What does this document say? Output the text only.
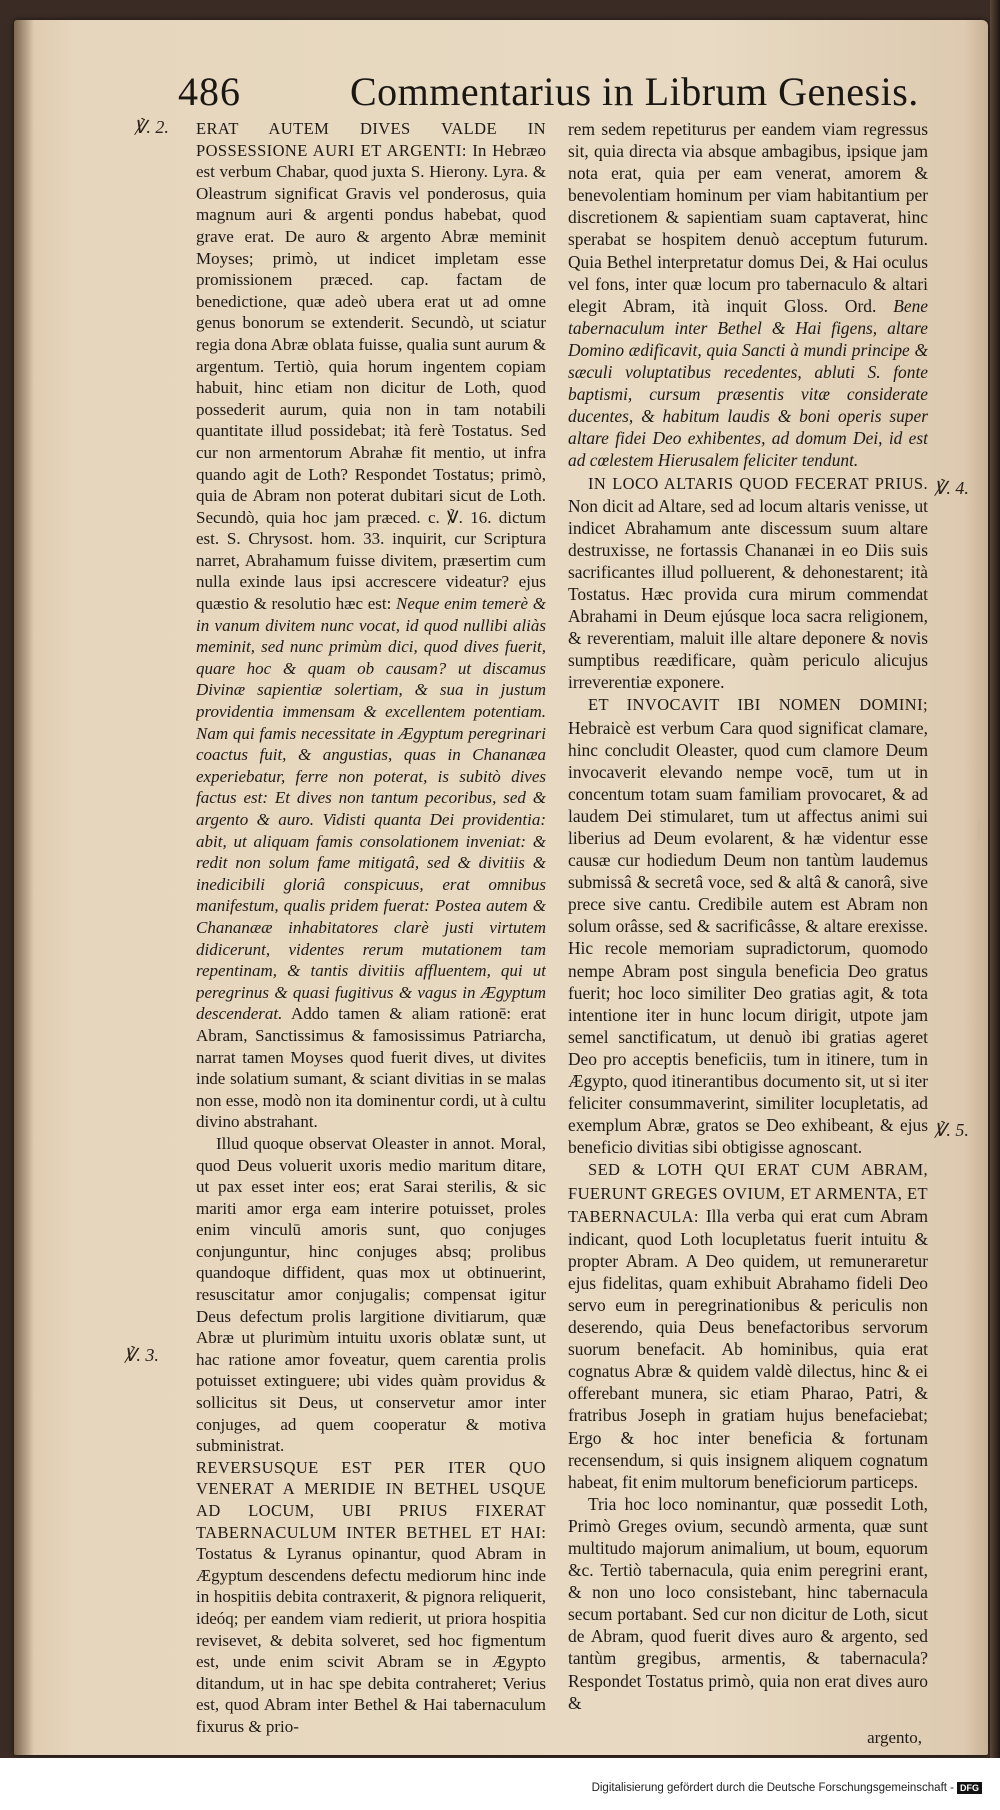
486	Commentarius in Librum Genesis.
℣. 2.
℣. 3.
℣. 4.
℣. 5.

ERAT AUTEM DIVES VALDE IN POSSESSIONE AURI ET ARGENTI: In Hebræo est verbum Chabar, quod juxta S. Hierony. Lyra. & Oleastrum significat Gravis vel ponderosus, quia magnum auri & argenti pondus habebat, quod grave erat. De auro & argento Abræ meminit Moyses; primò, ut indicet impletam esse promissionem præced. cap. factam de benedictione, quæ adeò ubera erat ut ad omne genus bonorum se extenderit. Secundò, ut sciatur regia dona Abræ oblata fuisse, qualia sunt aurum & argentum. Tertiò, quia horum ingentem copiam habuit, hinc etiam non dicitur de Loth, quod possederit aurum, quia non in tam notabili quantitate illud possidebat; ità ferè Tostatus. Sed cur non armentorum Abrahæ fit mentio, ut infra quando agit de Loth? Respondet Tostatus; primò, quia de Abram non poterat dubitari sicut de Loth. Secundò, quia hoc jam præced. c. ℣. 16. dictum est. S. Chrysost. hom. 33. inquirit, cur Scriptura narret, Abrahamum fuisse divitem, præsertim cum nulla exinde laus ipsi accrescere videatur? ejus quæstio & resolutio hæc est: Neque enim temerè & in vanum divitem nunc vocat, id quod nullibi aliàs meminit, sed nunc primùm dici, quod dives fuerit, quare hoc & quam ob causam? ut discamus Divinæ sapientiæ solertiam, & sua in justum providentia immensam & excellentem potentiam. Nam qui famis necessitate in Ægyptum peregrinari coactus fuit, & angustias, quas in Chananæa experiebatur, ferre non poterat, is subitò dives factus est: Et dives non tantum pecoribus, sed & argento & auro. Vidisti quanta Dei providentia: abit, ut aliquam famis consolationem inveniat: & redit non solum fame mitigatâ, sed & divitiis & inedicibili gloriâ conspicuus, erat omnibus manifestum, qualis pridem fuerat: Postea autem & Chananææ inhabitatores clarè justi virtutem didicerunt, videntes rerum mutationem tam repentinam, & tantis divitiis affluentem, qui ut peregrinus & quasi fugitivus & vagus in Ægyptum descenderat. Addo tamen & aliam rationē: erat Abram, Sanctissimus & famosissimus Patriarcha, narrat tamen Moyses quod fuerit dives, ut divites inde solatium sumant, & sciant divitias in se malas non esse, modò non ita dominentur cordi, ut à cultu divino abstrahant.

Illud quoque observat Oleaster in annot. Moral, quod Deus voluerit uxoris medio maritum ditare, ut pax esset inter eos; erat Sarai sterilis, & sic mariti amor erga eam interire potuisset, proles enim vinculū amoris sunt, quo conjuges conjunguntur, hinc conjuges absq; prolibus quandoque diffident, quas mox ut obtinuerint, resuscitatur amor conjugalis; compensat igitur Deus defectum prolis largitione divitiarum, quæ Abræ ut plurimùm intuitu uxoris oblatæ sunt, ut hac ratione amor foveatur, quem carentia prolis potuisset extinguere; ubi vides quàm providus & sollicitus sit Deus, ut conservetur amor inter conjuges, ad quem cooperatur & motiva subministrat.

REVERSUSQUE EST PER ITER QUO VENERAT A MERIDIE IN BETHEL USQUE AD LOCUM, UBI PRIUS FIXERAT TABERNACULUM INTER BETHEL ET HAI: Tostatus & Lyranus opinantur, quod Abram in Ægyptum descendens defectu mediorum hinc inde in hospitiis debita contraxerit, & pignora reliquerit, ideóq; per eandem viam redierit, ut priora hospitia revisevet, & debita solveret, sed hoc figmentum est, unde enim scivit Abram se in Ægypto ditandum, ut in hac spe debita contraheret; Verius est, quod Abram inter Bethel & Hai tabernaculum fixurus & prio-

rem sedem repetiturus per eandem viam regressus sit, quia directa via absque ambagibus, ipsique jam nota erat, quia per eam venerat, amorem & benevolentiam hominum per viam habitantium per discretionem & sapientiam suam captaverat, hinc sperabat se hospitem denuò acceptum futurum. Quia Bethel interpretatur domus Dei, & Hai oculus vel fons, inter quæ locum pro tabernaculo & altari elegit Abram, ità inquit Gloss. Ord. Bene tabernaculum inter Bethel & Hai figens, altare Domino ædificavit, quia Sancti à mundi principe & sæculi voluptatibus recedentes, abluti S. fonte baptismi, cursum præsentis vitæ considerate ducentes, & habitum laudis & boni operis super altare fidei Deo exhibentes, ad domum Dei, id est ad cœlestem Hierusalem feliciter tendunt.

IN LOCO ALTARIS QUOD FECERAT PRIUS. Non dicit ad Altare, sed ad locum altaris venisse, ut indicet Abrahamum ante discessum suum altare destruxisse, ne fortassis Chananæi in eo Diis suis sacrificantes illud polluerent, & dehonestarent; ità Tostatus. Hæc provida cura mirum commendat Abrahami in Deum ejúsque loca sacra religionem, & reverentiam, maluit ille altare deponere & novis sumptibus reædificare, quàm periculo alicujus irreverentiæ exponere.

ET INVOCAVIT IBI NOMEN DOMINI; Hebraicè est verbum Cara quod significat clamare, hinc concludit Oleaster, quod cum clamore Deum invocaverit elevando nempe vocē, tum ut in concentum totam suam familiam provocaret, & ad laudem Dei stimularet, tum ut affectus animi sui liberius ad Deum evolarent, & hæ videntur esse causæ cur hodiedum Deum non tantùm laudemus submissâ & secretâ voce, sed & altâ & canorâ, sive prece sive cantu. Credibile autem est Abram non solum orâsse, sed & sacrificâsse, & altare erexisse. Hic recole memoriam supradictorum, quomodo nempe Abram post singula beneficia Deo gratus fuerit; hoc loco similiter Deo gratias agit, & tota intentione iter in hunc locum dirigit, utpote jam semel sanctificatum, ut denuò ibi gratias ageret Deo pro acceptis beneficiis, tum in itinere, tum in Ægypto, quod itinerantibus documento sit, ut si iter feliciter consummaverint, similiter locupletatis, ad exemplum Abræ, gratos se Deo exhibeant, & ejus beneficio divitias sibi obtigisse agnoscant.

SED & LOTH QUI ERAT CUM ABRAM, FUERUNT GREGES OVIUM, ET ARMENTA, ET TABERNACULA: Illa verba qui erat cum Abram indicant, quod Loth locupletatus fuerit intuitu & propter Abram. A Deo quidem, ut remuneraretur ejus fidelitas, quam exhibuit Abrahamo fideli Deo servo eum in peregrinationibus & periculis non deserendo, quia Deus benefactoribus servorum suorum benefacit. Ab hominibus, quia erat cognatus Abræ & quidem valdè dilectus, hinc & ei offerebant munera, sic etiam Pharao, Patri, & fratribus Joseph in gratiam hujus benefaciebat; Ergo & hoc inter beneficia & fortunam recensendum, si quis insignem aliquem cognatum habeat, fit enim multorum beneficiorum particeps.

Tria hoc loco nominantur, quæ possedit Loth, Primò Greges ovium, secundò armenta, quæ sunt multitudo majorum animalium, ut boum, equorum &c. Tertiò tabernacula, quia enim peregrini erant, & non uno loco consistebant, hinc tabernacula secum portabant. Sed cur non dicitur de Loth, sicut de Abram, quod fuerit dives auro & argento, sed tantùm gregibus, armentis, & tabernacula? Respondet Tostatus primò, quia non erat dives auro &

argento,
Digitalisierung gefördert durch die Deutsche Forschungsgemeinschaft - DFG
